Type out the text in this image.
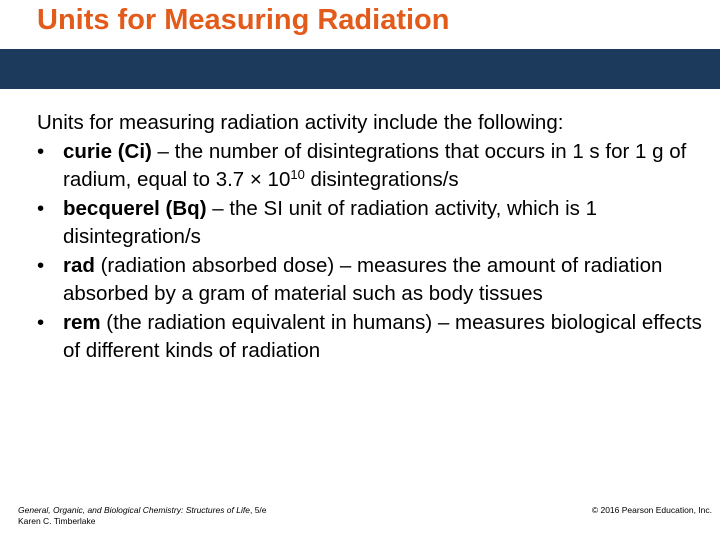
Units for Measuring Radiation
Units for measuring radiation activity include the following:
• curie (Ci) – the number of disintegrations that occurs in 1 s for 1 g of radium, equal to $3.7 \times 10^{10}$ disintegrations/s
• becquerel (Bq) – the SI unit of radiation activity, which is 1 disintegration/s
• rad (radiation absorbed dose) – measures the amount of radiation absorbed by a gram of material such as body tissues
• rem (the radiation equivalent in humans) – measures biological effects of different kinds of radiation
General, Organic, and Biological Chemistry: Structures of Life, 5/e
Karen C. Timberlake
© 2016 Pearson Education, Inc.
